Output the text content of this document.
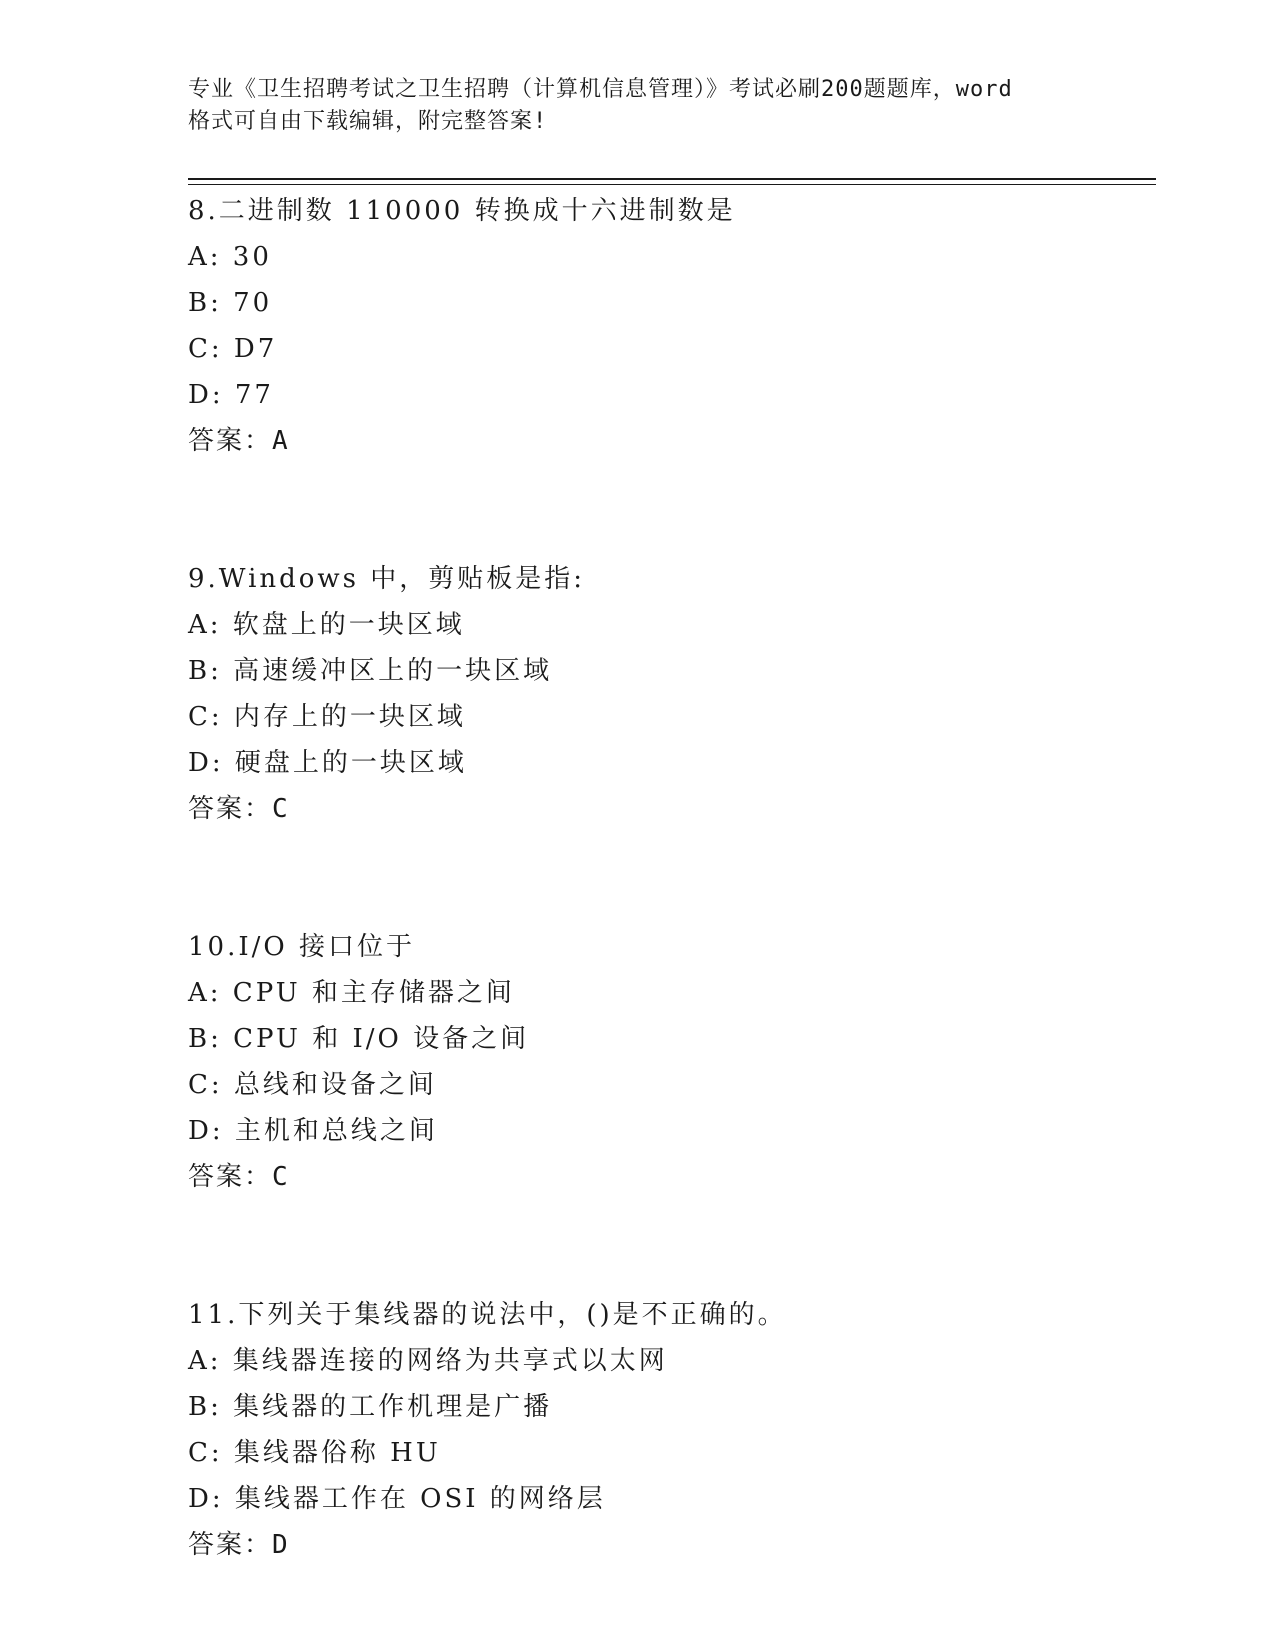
专业《卫生招聘考试之卫生招聘（计算机信息管理）》考试必刷200题题库，word
格式可自由下载编辑，附完整答案!
8.二进制数 110000 转换成十六进制数是
A: 30
B: 70
C: D7
D: 77
答案：A
9.Windows 中，剪贴板是指:
A: 软盘上的一块区域
B: 高速缓冲区上的一块区域
C: 内存上的一块区域
D: 硬盘上的一块区域
答案：C
10.I/O 接口位于
A: CPU 和主存储器之间
B: CPU 和 I/O 设备之间
C: 总线和设备之间
D: 主机和总线之间
答案：C
11.下列关于集线器的说法中，()是不正确的。
A: 集线器连接的网络为共享式以太网
B: 集线器的工作机理是广播
C: 集线器俗称 HU
D: 集线器工作在 OSI 的网络层
答案：D
